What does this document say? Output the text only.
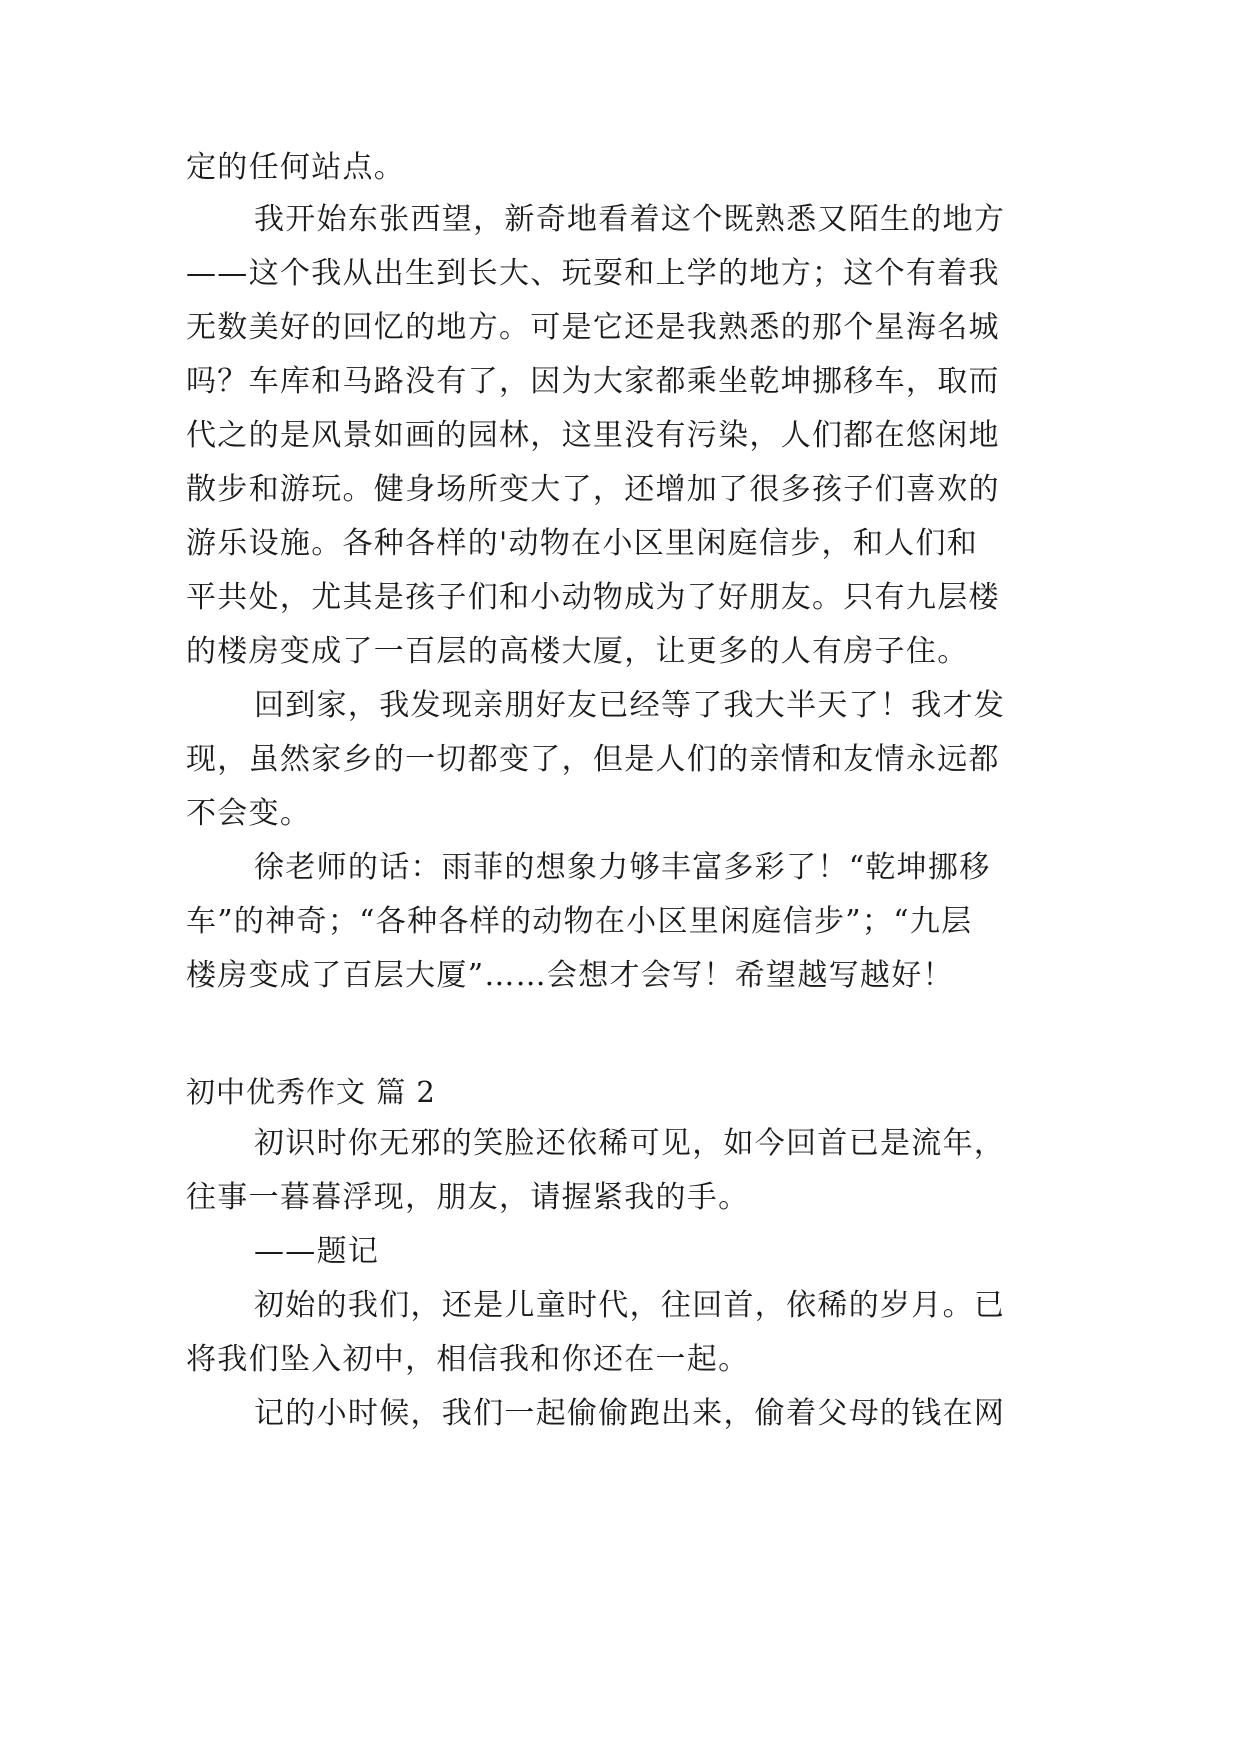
定的任何站点。

我开始东张西望，新奇地看着这个既熟悉又陌生的地方

——这个我从出生到长大、玩耍和上学的地方；这个有着我

无数美好的回忆的地方。可是它还是我熟悉的那个星海名城

吗？车库和马路没有了，因为大家都乘坐乾坤挪移车，取而

代之的是风景如画的园林，这里没有污染，人们都在悠闲地

散步和游玩。健身场所变大了，还增加了很多孩子们喜欢的

游乐设施。各种各样的'动物在小区里闲庭信步，和人们和

平共处，尤其是孩子们和小动物成为了好朋友。只有九层楼

的楼房变成了一百层的高楼大厦，让更多的人有房子住。

回到家，我发现亲朋好友已经等了我大半天了！我才发

现，虽然家乡的一切都变了，但是人们的亲情和友情永远都

不会变。

徐老师的话：雨菲的想象力够丰富多彩了！“乾坤挪移

车”的神奇；“各种各样的动物在小区里闲庭信步”；“九层

楼房变成了百层大厦”……会想才会写！希望越写越好！

初中优秀作文 篇 2

初识时你无邪的笑脸还依稀可见，如今回首已是流年，

往事一暮暮浮现，朋友，请握紧我的手。

——题记

初始的我们，还是儿童时代，往回首，依稀的岁月。已

将我们坠入初中，相信我和你还在一起。

记的小时候，我们一起偷偷跑出来，偷着父母的钱在网
